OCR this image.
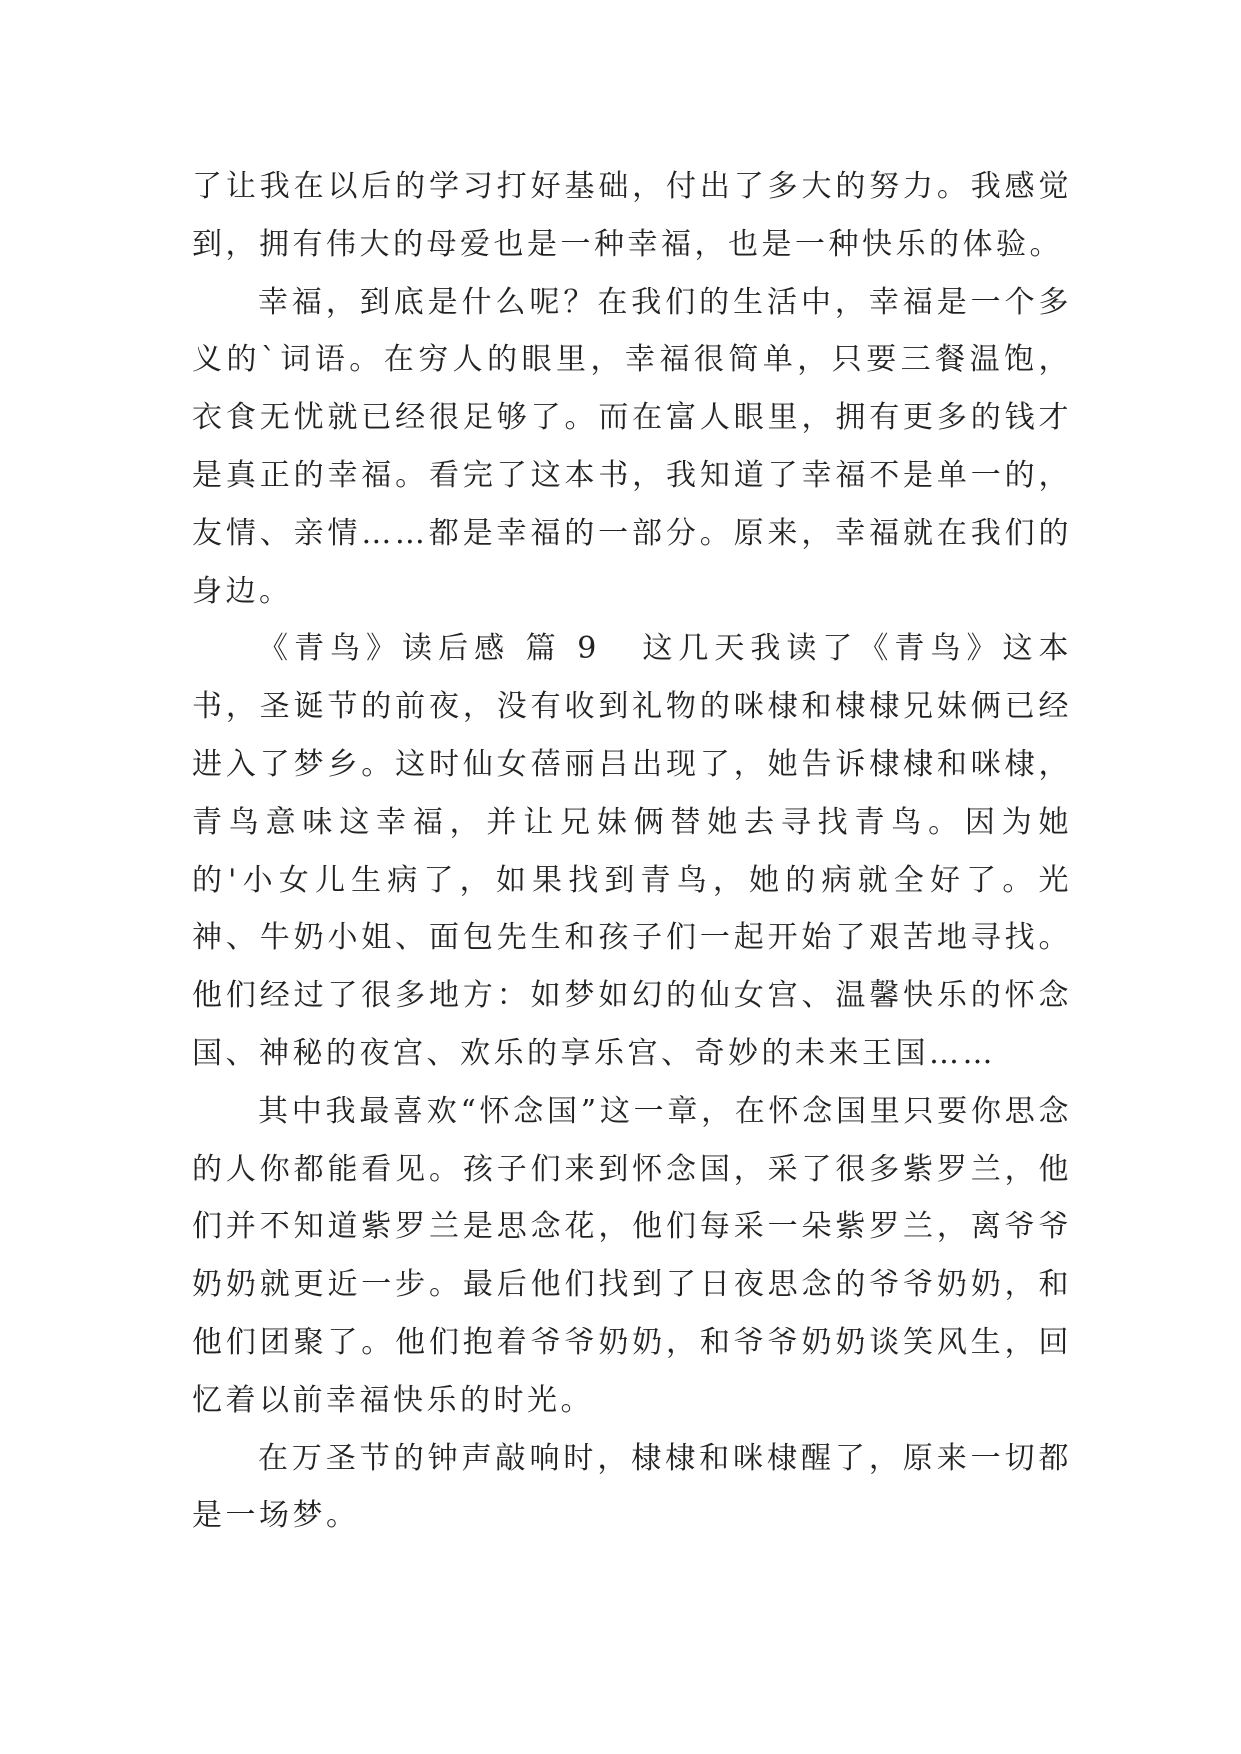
了让我在以后的学习打好基础，付出了多大的努力。我感觉到，拥有伟大的母爱也是一种幸福，也是一种快乐的体验。

幸福，到底是什么呢？在我们的生活中，幸福是一个多义的`词语。在穷人的眼里，幸福很简单，只要三餐温饱，衣食无忧就已经很足够了。而在富人眼里，拥有更多的钱才是真正的幸福。看完了这本书，我知道了幸福不是单一的，友情、亲情……都是幸福的一部分。原来，幸福就在我们的身边。

《青鸟》读后感 篇 9 这几天我读了《青鸟》这本书，圣诞节的前夜，没有收到礼物的咪棣和棣棣兄妹俩已经进入了梦乡。这时仙女蓓丽吕出现了，她告诉棣棣和咪棣，青鸟意味这幸福，并让兄妹俩替她去寻找青鸟。因为她的'小女儿生病了，如果找到青鸟，她的病就全好了。光神、牛奶小姐、面包先生和孩子们一起开始了艰苦地寻找。他们经过了很多地方：如梦如幻的仙女宫、温馨快乐的怀念国、神秘的夜宫、欢乐的享乐宫、奇妙的未来王国……

其中我最喜欢“怀念国”这一章，在怀念国里只要你思念的人你都能看见。孩子们来到怀念国，采了很多紫罗兰，他们并不知道紫罗兰是思念花，他们每采一朵紫罗兰，离爷爷奶奶就更近一步。最后他们找到了日夜思念的爷爷奶奶，和他们团聚了。他们抱着爷爷奶奶，和爷爷奶奶谈笑风生，回忆着以前幸福快乐的时光。

在万圣节的钟声敲响时，棣棣和咪棣醒了，原来一切都是一场梦。
